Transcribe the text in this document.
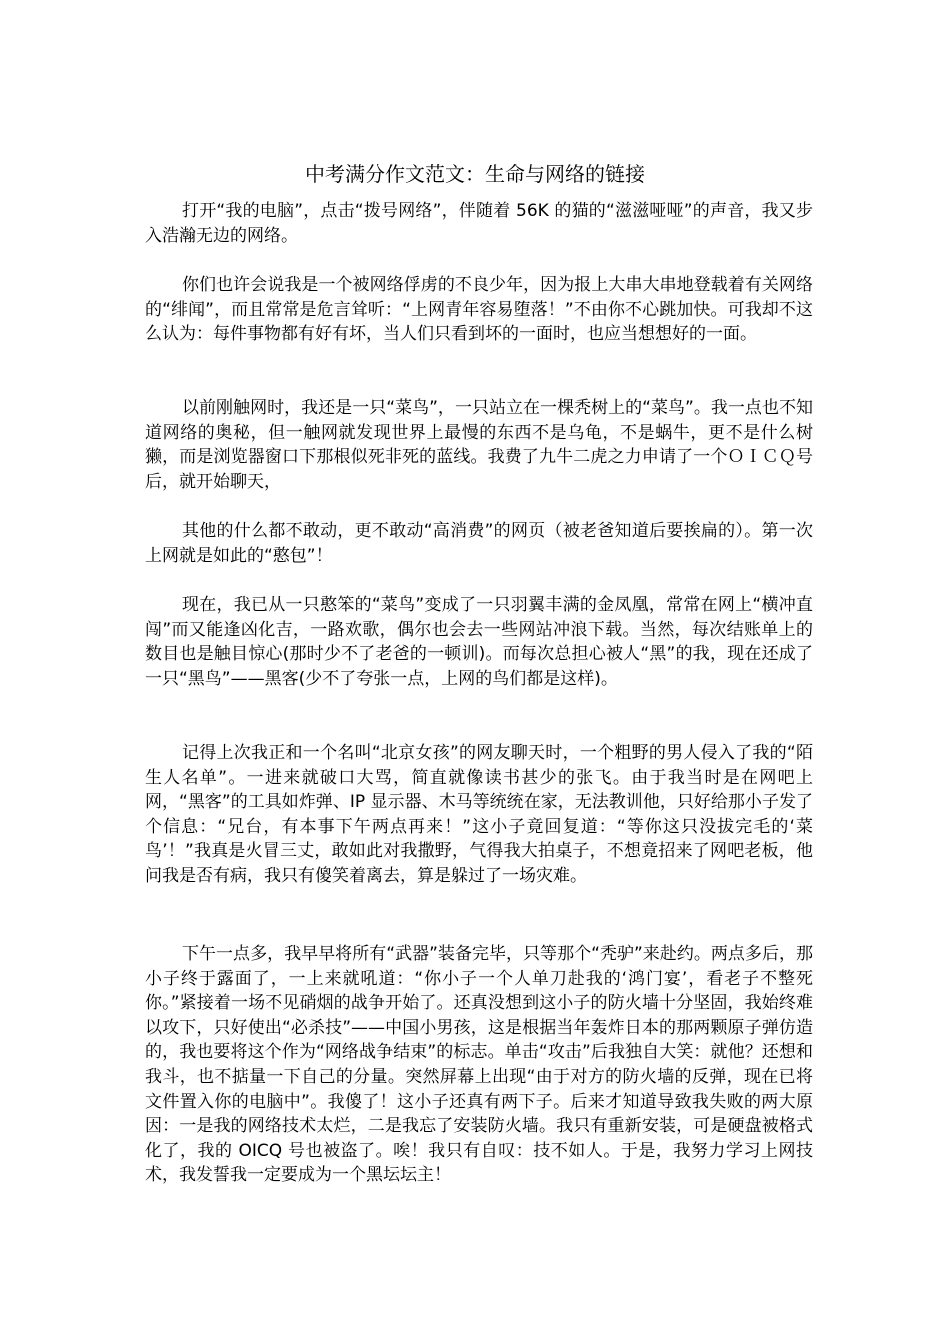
中考满分作文范文：生命与网络的链接

打开“我的电脑”，点击“拨号网络”，伴随着 56K 的猫的“滋滋哑哑”的声音，我又步入浩瀚无边的网络。

你们也许会说我是一个被网络俘虏的不良少年，因为报上大串大串地登载着有关网络的“绯闻”，而且常常是危言耸听：“上网青年容易堕落！”不由你不心跳加快。可我却不这么认为：每件事物都有好有坏，当人们只看到坏的一面时，也应当想想好的一面。

以前刚触网时，我还是一只“菜鸟”，一只站立在一棵秃树上的“菜鸟”。我一点也不知道网络的奥秘，但一触网就发现世界上最慢的东西不是乌龟，不是蜗牛，更不是什么树獭，而是浏览器窗口下那根似死非死的蓝线。我费了九牛二虎之力申请了一个ＯＩＣＱ号后，就开始聊天，

其他的什么都不敢动，更不敢动“高消费”的网页（被老爸知道后要挨扁的）。第一次上网就是如此的“憨包”！

现在，我已从一只憨笨的“菜鸟”变成了一只羽翼丰满的金凤凰，常常在网上“横冲直闯”而又能逢凶化吉，一路欢歌，偶尔也会去一些网站冲浪下载。当然，每次结账单上的数目也是触目惊心(那时少不了老爸的一顿训)。而每次总担心被人“黑”的我，现在还成了一只“黑鸟”——黑客(少不了夸张一点，上网的鸟们都是这样)。

记得上次我正和一个名叫“北京女孩”的网友聊天时，一个粗野的男人侵入了我的“陌生人名单”。一进来就破口大骂，简直就像读书甚少的张飞。由于我当时是在网吧上网，“黑客”的工具如炸弹、IP 显示器、木马等统统在家，无法教训他，只好给那小子发了个信息：“兄台，有本事下午两点再来！”这小子竟回复道：“等你这只没拔完毛的‘菜鸟’！”我真是火冒三丈，敢如此对我撒野，气得我大拍桌子，不想竟招来了网吧老板，他问我是否有病，我只有傻笑着离去，算是躲过了一场灾难。

下午一点多，我早早将所有“武器”装备完毕，只等那个“秃驴”来赴约。两点多后，那小子终于露面了，一上来就吼道：“你小子一个人单刀赴我的‘鸿门宴’，看老子不整死你。”紧接着一场不见硝烟的战争开始了。还真没想到这小子的防火墙十分坚固，我始终难以攻下，只好使出“必杀技”——中国小男孩，这是根据当年轰炸日本的那两颗原子弹仿造的，我也要将这个作为“网络战争结束”的标志。单击“攻击”后我独自大笑：就他？还想和我斗，也不掂量一下自己的分量。突然屏幕上出现“由于对方的防火墙的反弹，现在已将文件置入你的电脑中”。我傻了！这小子还真有两下子。后来才知道导致我失败的两大原因：一是我的网络技术太烂，二是我忘了安装防火墙。我只有重新安装，可是硬盘被格式化了，我的 OICQ 号也被盗了。唉！我只有自叹：技不如人。于是，我努力学习上网技术，我发誓我一定要成为一个黑坛坛主！
